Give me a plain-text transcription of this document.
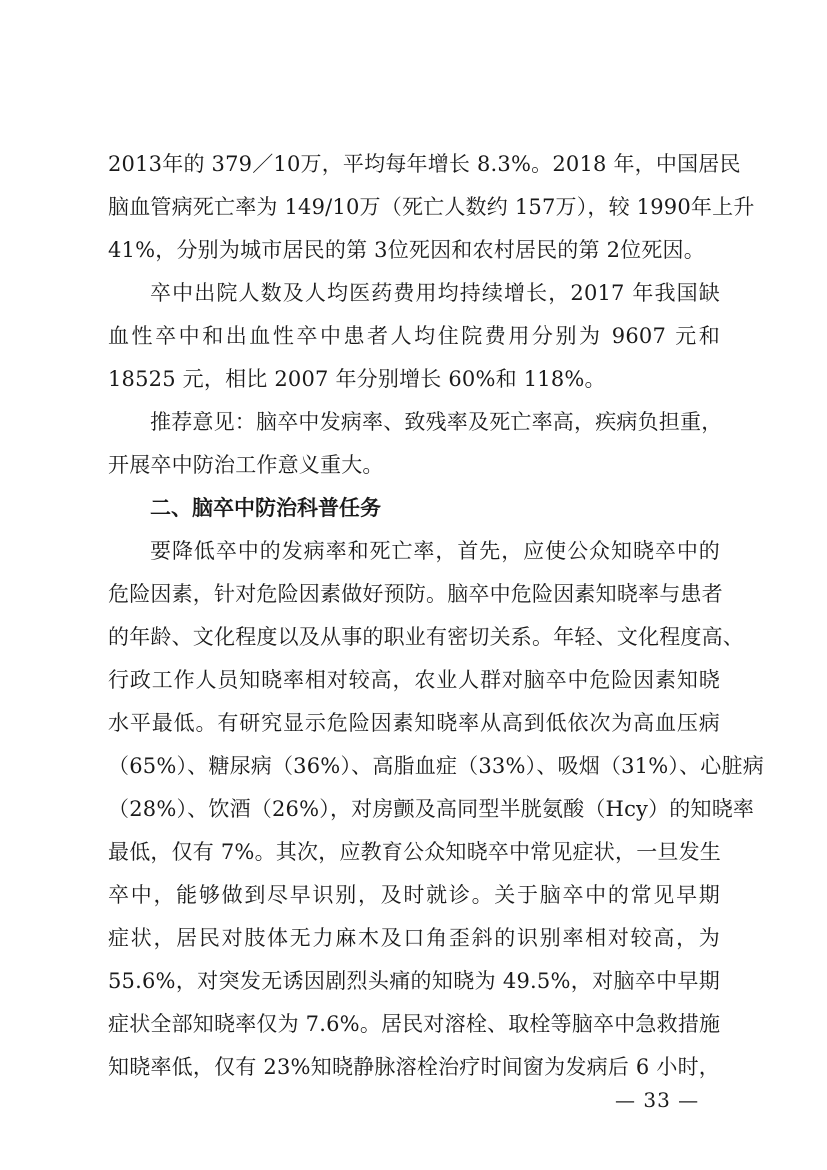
2013年的 379／10万，平均每年增长 8.3%。2018 年，中国居民

脑血管病死亡率为 149/10万（死亡人数约 157万），较 1990年上升

41%，分别为城市居民的第 3位死因和农村居民的第 2位死因。

卒中出院人数及人均医药费用均持续增长，2017 年我国缺

血性卒中和出血性卒中患者人均住院费用分别为 9607 元和

18525 元，相比 2007 年分别增长 60%和 118%。

推荐意见：脑卒中发病率、致残率及死亡率高，疾病负担重，

开展卒中防治工作意义重大。

二、脑卒中防治科普任务

要降低卒中的发病率和死亡率，首先，应使公众知晓卒中的

危险因素，针对危险因素做好预防。脑卒中危险因素知晓率与患者

的年龄、文化程度以及从事的职业有密切关系。年轻、文化程度高、

行政工作人员知晓率相对较高，农业人群对脑卒中危险因素知晓

水平最低。有研究显示危险因素知晓率从高到低依次为高血压病

（65%）、糖尿病（36%）、高脂血症（33%）、吸烟（31%）、心脏病

（28%）、饮酒（26%），对房颤及高同型半胱氨酸（Hcy）的知晓率

最低，仅有 7%。其次，应教育公众知晓卒中常见症状，一旦发生

卒中，能够做到尽早识别，及时就诊。关于脑卒中的常见早期

症状，居民对肢体无力麻木及口角歪斜的识别率相对较高，为

55.6%，对突发无诱因剧烈头痛的知晓为 49.5%，对脑卒中早期

症状全部知晓率仅为 7.6%。居民对溶栓、取栓等脑卒中急救措施

知晓率低，仅有 23%知晓静脉溶栓治疗时间窗为发病后 6 小时，

— 33 —
